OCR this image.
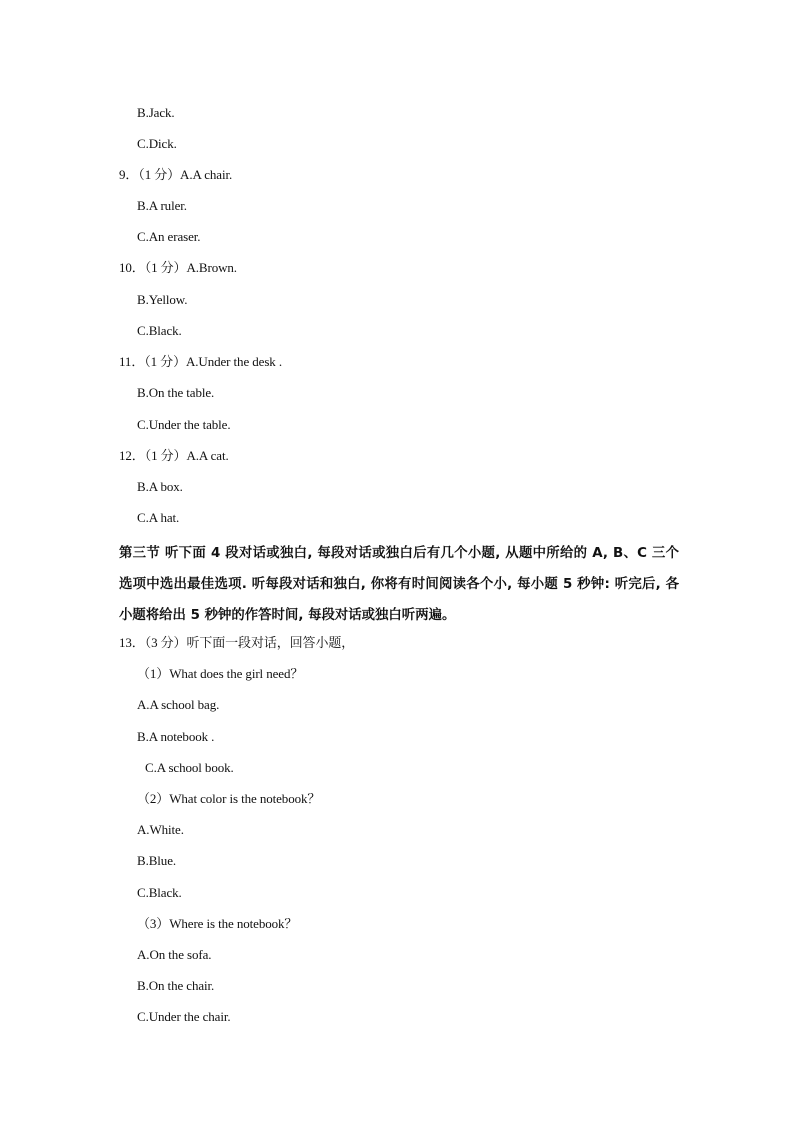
B.Jack.
C.Dick.
9．（1 分）A.A chair.
B.A ruler.
C.An eraser.
10．（1 分）A.Brown.
B.Yellow.
C.Black.
11．（1 分）A.Under the desk .
B.On the table.
C.Under the table.
12．（1 分）A.A cat.
B.A box.
C.A hat.
第三节 听下面 4 段对话或独白, 每段对话或独白后有几个小题, 从题中所给的 A, B、C 三个选项中选出最佳选项. 听每段对话和独白, 你将有时间阅读各个小, 每小题 5 秒钟: 听完后, 各小题将给出 5 秒钟的作答时间, 每段对话或独白听两遍。
13．（3 分）听下面一段对话，回答小题，
（1）What does the girl need？
A.A school bag.
B.A notebook .
C.A school book.
（2）What color is the notebook？
A.White.
B.Blue.
C.Black.
（3）Where is the notebook？
A.On the sofa.
B.On the chair.
C.Under the chair.
